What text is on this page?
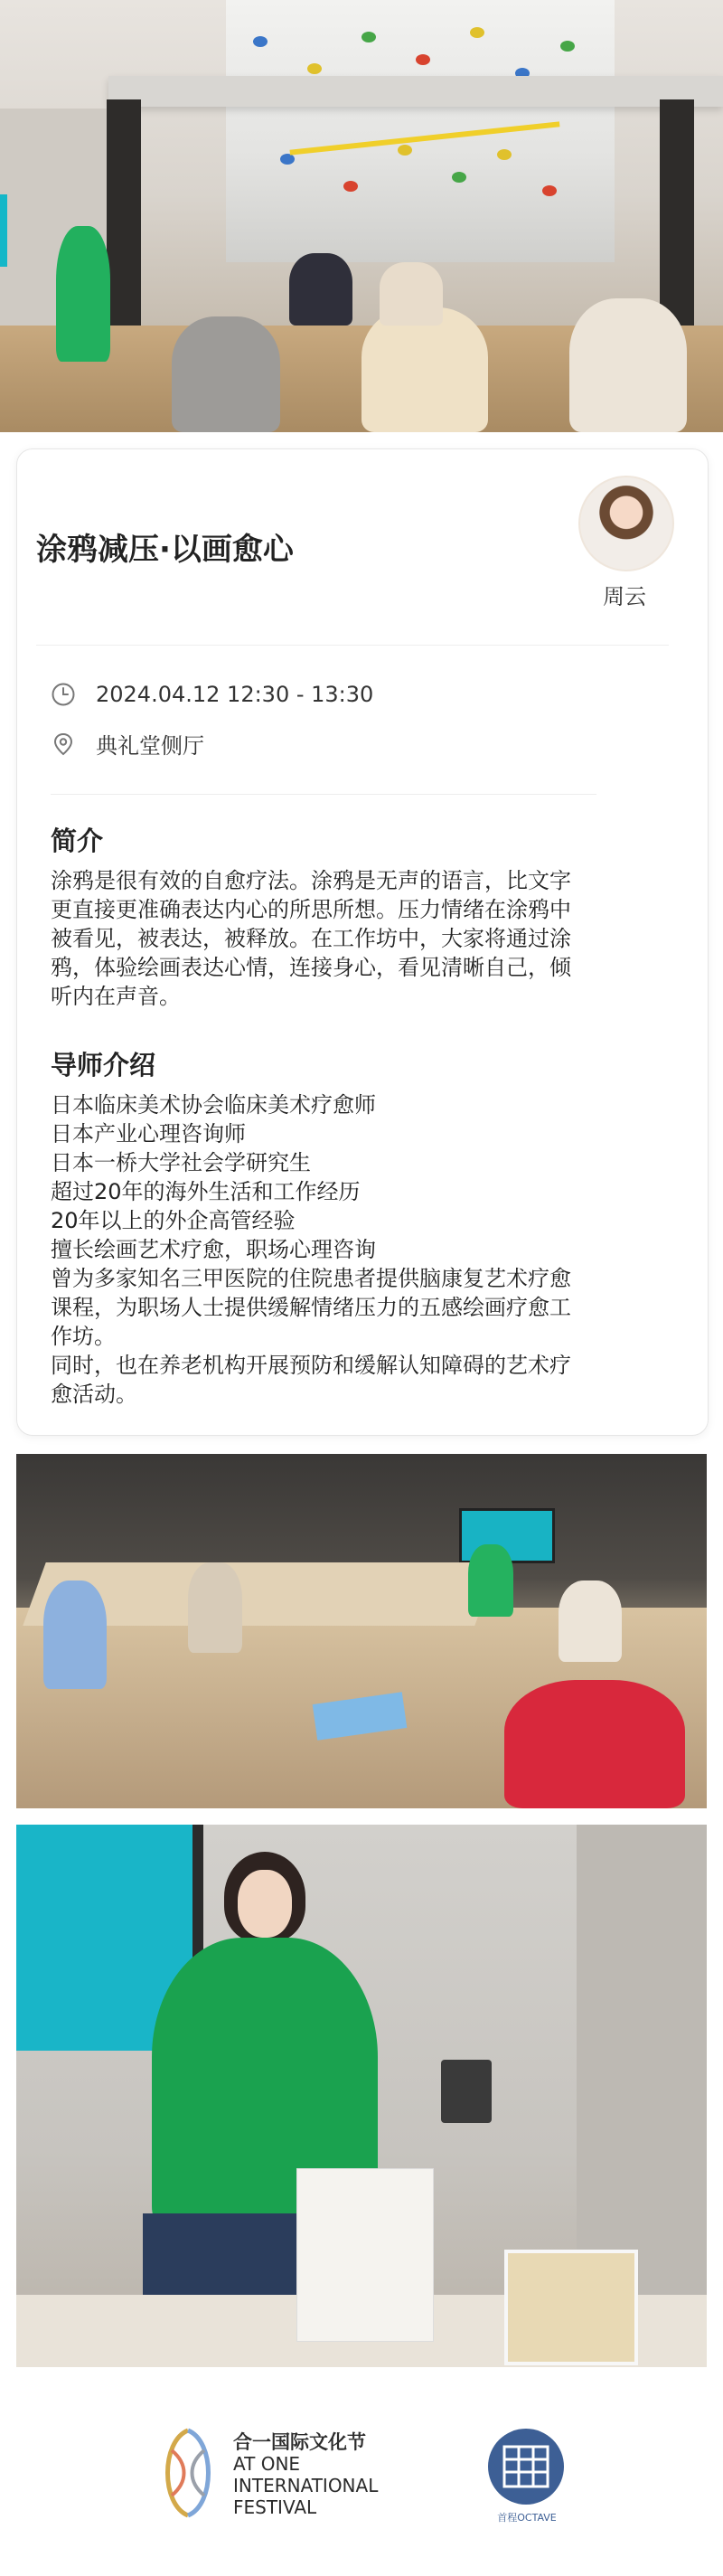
涂鸦减压·以画愈心
周云
2024.04.12 12:30 - 13:30
典礼堂侧厅
简介
涂鸦是很有效的自愈疗法。涂鸦是无声的语言，比文字
更直接更准确表达内心的所思所想。压力情绪在涂鸦中
被看见，被表达，被释放。在工作坊中，大家将通过涂
鸦，体验绘画表达心情，连接身心，看见清晰自己，倾
听内在声音。
导师介绍
日本临床美术协会临床美术疗愈师
日本产业心理咨询师
日本一桥大学社会学研究生
超过20年的海外生活和工作经历
20年以上的外企高管经验
擅长绘画艺术疗愈，职场心理咨询
曾为多家知名三甲医院的住院患者提供脑康复艺术疗愈
课程，为职场人士提供缓解情绪压力的五感绘画疗愈工
作坊。
同时，也在养老机构开展预防和缓解认知障碍的艺术疗
愈活动。
合一国际文化节
AT ONE
INTERNATIONAL
FESTIVAL	首程OCTAVE
